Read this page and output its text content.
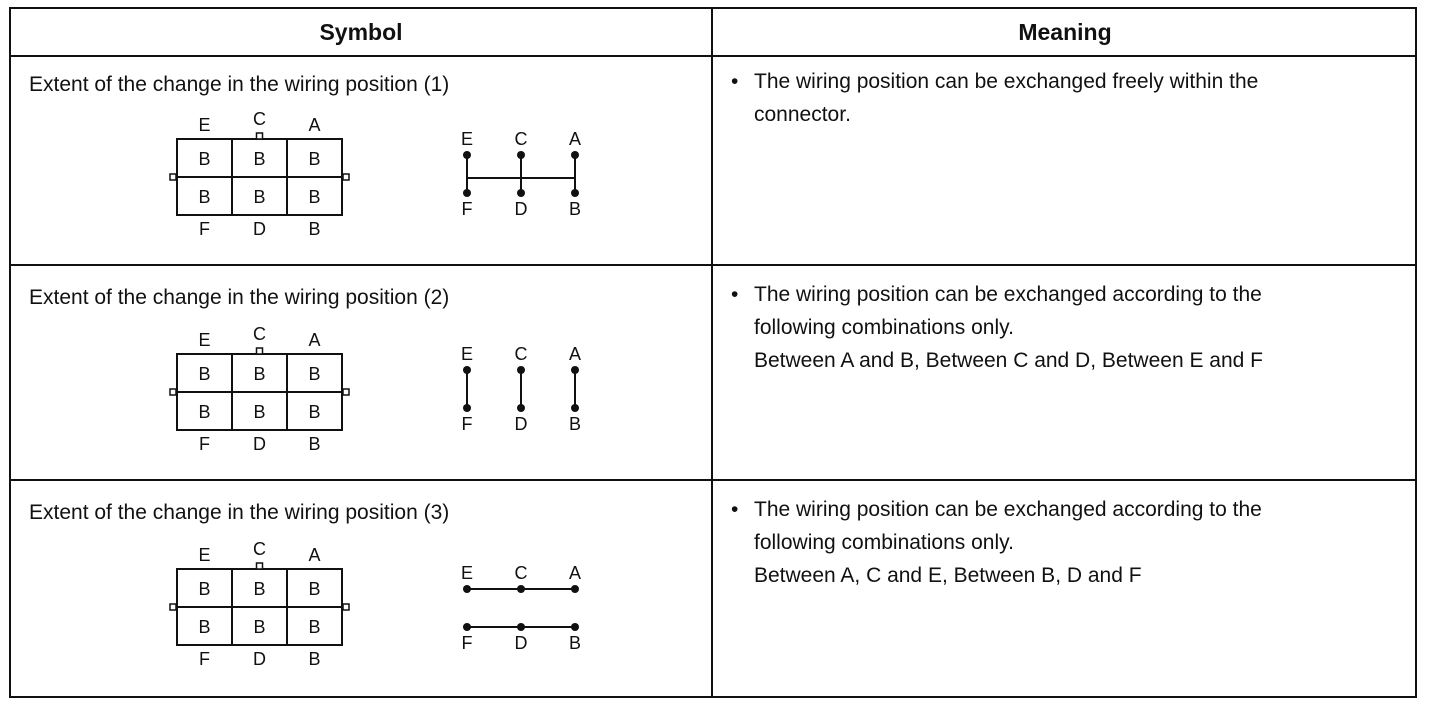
Symbol	Meaning
Extent of the change in the wiring position (1)
B B B
B B B
E C A
F D B
E
F
C
D
A
B
• The wiring position can be exchanged freely within the
connector.
Extent of the change in the wiring position (2)
B B B
B B B
E C A
F D B
E
F
C
D
A
B
• The wiring position can be exchanged according to the
following combinations only.
Between A and B, Between C and D, Between E and F
Extent of the change in the wiring position (3)
B B B
B B B
E C A
F D B
E
F
C
D
A
B
• The wiring position can be exchanged according to the
following combinations only.
Between A, C and E, Between B, D and F
